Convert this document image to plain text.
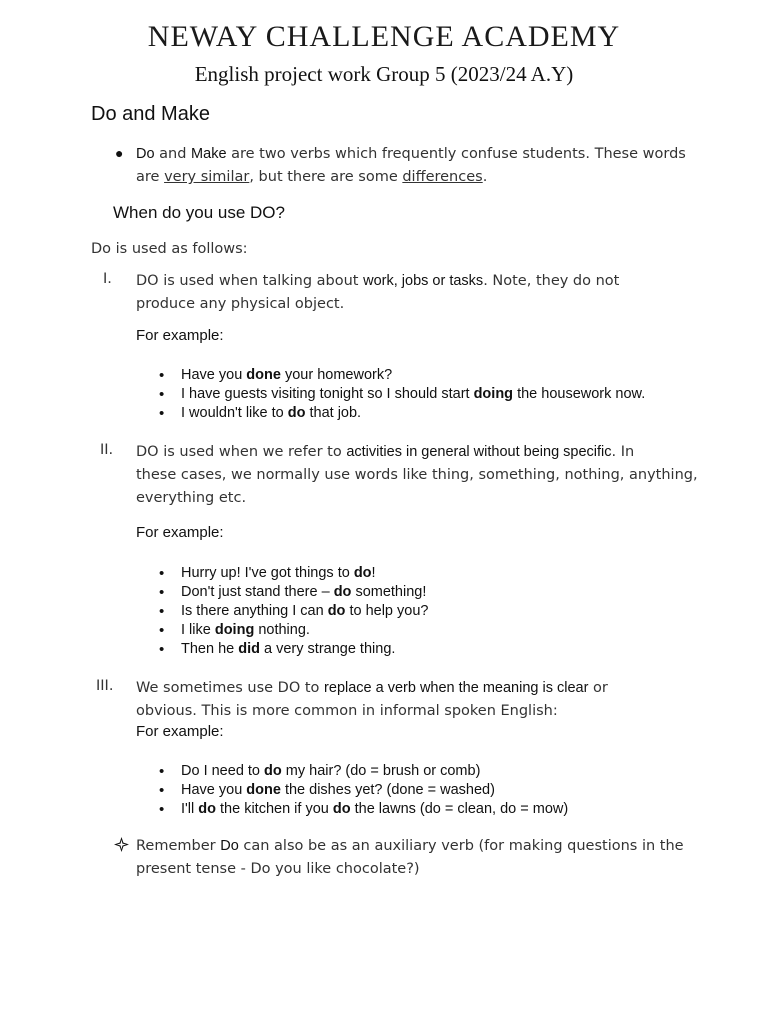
NEWAY CHALLENGE ACADEMY
English project work Group 5 (2023/24 A.Y)
Do and Make
● Do and Make are two verbs which frequently confuse students. These words
are very similar, but there are some differences.
When do you use DO?
Do is used as follows:
I. DO is used when talking about work, jobs or tasks. Note, they do not
produce any physical object.
For example:
• Have you done your homework?
• I have guests visiting tonight so I should start doing the housework now.
• I wouldn't like to do that job.
II. DO is used when we refer to activities in general without being specific. In
these cases, we normally use words like thing, something, nothing, anything,
everything etc.
For example:
• Hurry up! I've got things to do!
• Don't just stand there – do something!
• Is there anything I can do to help you?
• I like doing nothing.
• Then he did a very strange thing.
III. We sometimes use DO to replace a verb when the meaning is clear or
obvious. This is more common in informal spoken English:
For example:
• Do I need to do my hair? (do = brush or comb)
• Have you done the dishes yet? (done = washed)
• I'll do the kitchen if you do the lawns (do = clean, do = mow)
Remember Do can also be as an auxiliary verb (for making questions in the
present tense - Do you like chocolate?)
